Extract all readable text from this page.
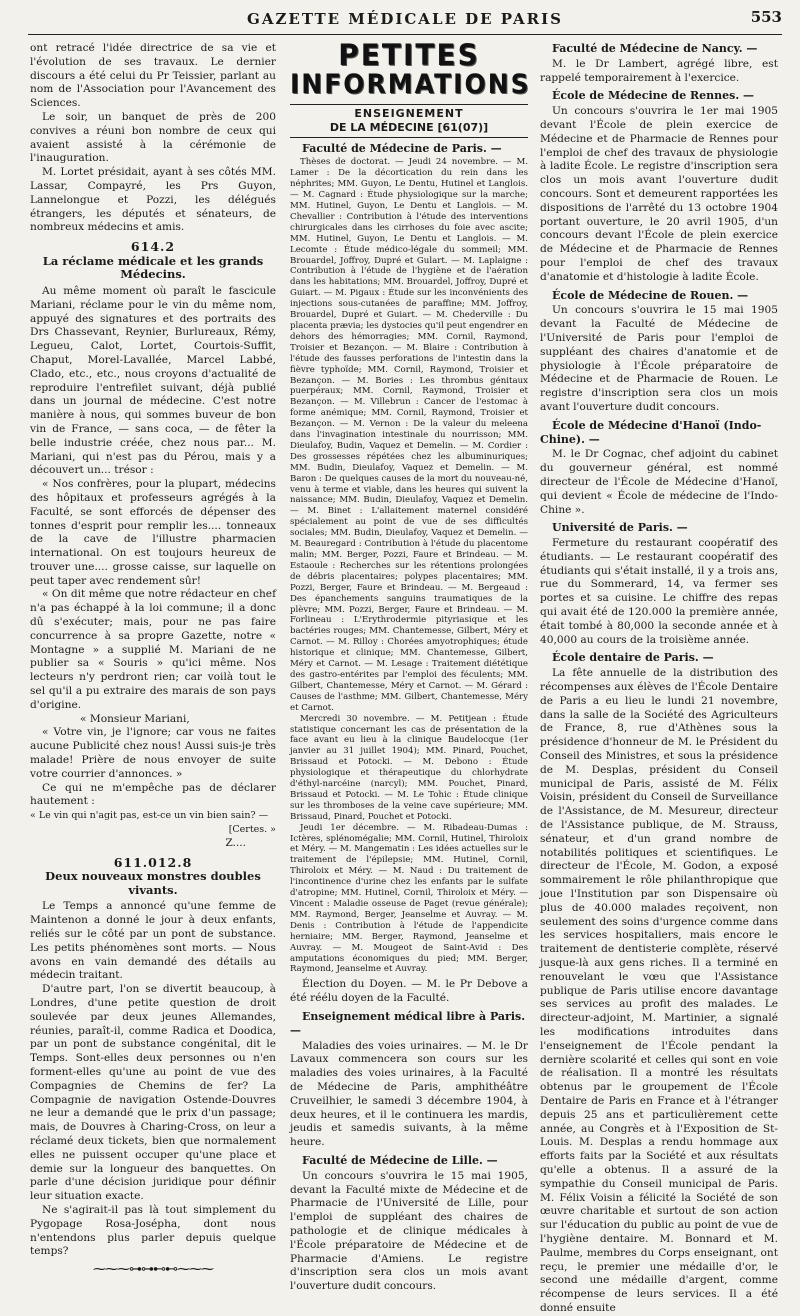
GAZETTE MÉDICALE DE PARIS	553

ont retracé l'idée directrice de sa vie et l'évolution de ses travaux. Le dernier discours a été celui du Pr Teissier, parlant au nom de l'Association pour l'Avancement des Sciences.

Le soir, un banquet de près de 200 convives a réuni bon nombre de ceux qui avaient assisté à la cérémonie de l'inauguration.

M. Lortet présidait, ayant à ses côtés MM. Lassar, Compayré, les Prs Guyon, Lannelongue et Pozzi, les délégués étrangers, les députés et sénateurs, de nombreux médecins et amis.

614.2
La réclame médicale et les grands Médecins.

Au même moment où paraît le fascicule Mariani, réclame pour le vin du même nom, appuyé des signatures et des portraits des Drs Chassevant, Reynier, Burlureaux, Rémy, Legueu, Calot, Lortet, Courtois-Suffit, Chaput, Morel-Lavallée, Marcel Labbé, Clado, etc., etc., nous croyons d'actualité de reproduire l'entrefilet suivant, déjà publié dans un journal de médecine. C'est notre manière à nous, qui sommes buveur de bon vin de France, — sans coca, — de fêter la belle industrie créée, chez nous par... M. Mariani, qui n'est pas du Pérou, mais y a découvert un... trésor :

« Nos confrères, pour la plupart, médecins des hôpitaux et professeurs agrégés à la Faculté, se sont efforcés de dépenser des tonnes d'esprit pour remplir les.... tonneaux de la cave de l'illustre pharmacien international. On est toujours heureux de trouver une.... grosse caisse, sur laquelle on peut taper avec rendement sûr!

« On dit même que notre rédacteur en chef n'a pas échappé à la loi commune; il a donc dû s'exécuter; mais, pour ne pas faire concurrence à sa propre Gazette, notre « Montagne » a supplié M. Mariani de ne publier sa « Souris » qu'ici même. Nos lecteurs n'y perdront rien; car voilà tout le sel qu'il a pu extraire des marais de son pays d'origine.

« Monsieur Mariani,

« Votre vin, je l'ignore; car vous ne faites aucune Publicité chez nous! Aussi suis-je très malade! Prière de nous envoyer de suite votre courrier d'annonces. »

Ce qui ne m'empêche pas de déclarer hautement :

« Le vin qui n'agit pas, est-ce un vin bien sain? —

[Certes. »

Z....

611.012.8
Deux nouveaux monstres doubles vivants.

Le Temps a annoncé qu'une femme de Maintenon a donné le jour à deux enfants, reliés sur le côté par un pont de substance. Les petits phénomènes sont morts. — Nous avons en vain demandé des détails au médecin traitant.

D'autre part, l'on se divertit beaucoup, à Londres, d'une petite question de droit soulevée par deux jeunes Allemandes, réunies, paraît-il, comme Radica et Doodica, par un pont de substance congénital, dit le Temps. Sont-elles deux personnes ou n'en forment-elles qu'une au point de vue des Compagnies de Chemins de fer? La Compagnie de navigation Ostende-Douvres ne leur a demandé que le prix d'un passage; mais, de Douvres à Charing-Cross, on leur a réclamé deux tickets, bien que normalement elles ne puissent occuper qu'une place et demie sur la longueur des banquettes. On parle d'une décision juridique pour définir leur situation exacte.

Ne s'agirait-il pas là tout simplement du Pygopage Rosa-Josépha, dont nous n'entendons plus parler depuis quelque temps?

⁓⁓⁓⊶⊶⊷⊷⁓⁓⁓
PETITES
INFORMATIONS
ENSEIGNEMENT
DE LA MÉDECINE [61(07)]
Faculté de Médecine de Paris. —

Thèses de doctorat. — Jeudi 24 novembre. — M. Lamer : De la décortication du rein dans les néphrites; MM. Guyon, Le Dentu, Hutinel et Langlois. — M. Cagnard : Étude physiologique sur la marche; MM. Hutinel, Guyon, Le Dentu et Langlois. — M. Chevallier : Contribution à l'étude des interventions chirurgicales dans les cirrhoses du foie avec ascite; MM. Hutinel, Guyon, Le Dentu et Langlois. — M. Lecomte : Étude médico-légale du sommeil; MM. Brouardel, Joffroy, Dupré et Gulart. — M. Laplaigne : Contribution à l'étude de l'hygiène et de l'aération dans les habitations; MM. Brouardel, Joffroy, Dupré et Guiart. — M. Pigaux : Étude sur les inconvénients des injections sous-cutanées de paraffine; MM. Joffroy, Brouardel, Dupré et Guiart. — M. Chederville : Du placenta prævia; les dystocies qu'il peut engendrer en dehors des hémorragies; MM. Cornil, Raymond, Troisier et Bezançon. — M. Blaire : Contribution à l'étude des fausses perforations de l'intestin dans la fièvre typhoïde; MM. Cornil, Raymond, Troisier et Bezançon. — M. Bories : Les thrombus génitaux puerpéraux; MM. Cornil, Raymond, Troisier et Bezançon. — M. Villebrun : Cancer de l'estomac à forme anémique; MM. Cornil, Raymond, Troisier et Bezançon. — M. Vernon : De la valeur du meleena dans l'invagination intestinale du nourrisson; MM. Dieulafoy, Budin, Vaquez et Demelin. — M. Cordier : Des grossesses répétées chez les albuminuriques; MM. Budin, Dieulafoy, Vaquez et Demelin. — M. Baron : De quelques causes de la mort du nouveau-né, venu à terme et viable, dans les heures qui suivent la naissance; MM. Budin, Dieulafoy, Vaquez et Demelin. — M. Binet : L'allaitement maternel considéré spécialement au point de vue de ses difficultés sociales; MM. Budin, Dieulafoy, Vaquez et Demelin. — M. Beauregard : Contribution à l'étude du placentome malin; MM. Berger, Pozzi, Faure et Brindeau. — M. Estaoule : Recherches sur les rétentions prolongées de débris placentaires; polypes placentaires; MM. Pozzi, Berger, Faure et Brindeau. — M. Bergeaud : Des épanchements sanguins traumatiques de la plèvre; MM. Pozzi, Berger, Faure et Brindeau. — M. Forlineau : L'Erythrodermie pityriasique et les bactéries rouges; MM. Chantemesse, Gilbert, Méry et Carnot. — M. Rilloy : Chorées amyotrophiques; étude historique et clinique; MM. Chantemesse, Gilbert, Méry et Carnot. — M. Lesage : Traitement diététique des gastro-entérites par l'emploi des féculents; MM. Gilbert, Chantemesse, Méry et Carnot. — M. Gérard : Causes de l'asthme; MM. Gilbert, Chantemesse, Méry et Carnot.

Mercredi 30 novembre. — M. Petitjean : Étude statistique concernant les cas de présentation de la face avant eu lieu à la clinique Baudelocque (1er janvier au 31 juillet 1904); MM. Pinard, Pouchet, Brissaud et Potocki. — M. Debono : Étude physiologique et thérapeutique du chlorhydrate d'éthyl-narcéine (narcyl); MM. Pouchet, Pinard, Brissaud et Potocki. — M. Le Tohic : Étude clinique sur les thromboses de la veine cave supérieure; MM. Brissaud, Pinard, Pouchet et Potocki.

Jeudi 1er décembre. — M. Ribadeau-Dumas : Ictères, splénomégalie; MM. Cornil, Hutinel, Thiroloix et Méry. — M. Mangematin : Les idées actuelles sur le traitement de l'épilepsie; MM. Hutinel, Cornil, Thiroloix et Méry. — M. Naud : Du traitement de l'incontinence d'urine chez les enfants par le sulfate d'atropine; MM. Hutinel, Cornil, Thiroloix et Méry. — Vincent : Maladie osseuse de Paget (revue générale); MM. Raymond, Berger, Jeanselme et Auvray. — M. Denis : Contribution à l'étude de l'appendicite herniaire; MM. Berger, Raymond, Jeanselme et Auvray. — M. Mougeot de Saint-Avid : Des amputations économiques du pied; MM. Berger, Raymond, Jeanselme et Auvray.

Élection du Doyen. — M. le Pr Debove a été réélu doyen de la Faculté.

Enseignement médical libre à Paris. —

Maladies des voies urinaires. — M. le Dr Lavaux commencera son cours sur les maladies des voies urinaires, à la Faculté de Médecine de Paris, amphithéâtre Cruveilhier, le samedi 3 décembre 1904, à deux heures, et il le continuera les mardis, jeudis et samedis suivants, à la même heure.

Faculté de Médecine de Lille. —

Un concours s'ouvrira le 15 mai 1905, devant la Faculté mixte de Médecine et de Pharmacie de l'Université de Lille, pour l'emploi de suppléant des chaires de pathologie et de clinique médicales à l'École préparatoire de Médecine et de Pharmacie d'Amiens. Le registre d'inscription sera clos un mois avant l'ouverture dudit concours.

Faculté de Médecine de Nancy. —

M. le Dr Lambert, agrégé libre, est rappelé temporairement à l'exercice.

École de Médecine de Rennes. —

Un concours s'ouvrira le 1er mai 1905 devant l'École de plein exercice de Médecine et de Pharmacie de Rennes pour l'emploi de chef des travaux de physiologie à ladite École. Le registre d'inscription sera clos un mois avant l'ouverture dudit concours. Sont et demeurent rapportées les dispositions de l'arrêté du 13 octobre 1904 portant ouverture, le 20 avril 1905, d'un concours devant l'École de plein exercice de Médecine et de Pharmacie de Rennes pour l'emploi de chef des travaux d'anatomie et d'histologie à ladite École.

École de Médecine de Rouen. —

Un concours s'ouvrira le 15 mai 1905 devant la Faculté de Médecine de l'Université de Paris pour l'emploi de suppléant des chaires d'anatomie et de physiologie à l'École préparatoire de Médecine et de Pharmacie de Rouen. Le registre d'inscription sera clos un mois avant l'ouverture dudit concours.

École de Médecine d'Hanoï (Indo-Chine). —

M. le Dr Cognac, chef adjoint du cabinet du gouverneur général, est nommé directeur de l'École de Médecine d'Hanoï, qui devient « École de médecine de l'Indo-Chine ».

Université de Paris. —

Fermeture du restaurant coopératif des étudiants. — Le restaurant coopératif des étudiants qui s'était installé, il y a trois ans, rue du Sommerard, 14, va fermer ses portes et sa cuisine. Le chiffre des repas qui avait été de 120.000 la première année, était tombé à 80,000 la seconde année et à 40,000 au cours de la troisième année.

École dentaire de Paris. —

La fête annuelle de la distribution des récompenses aux élèves de l'École Dentaire de Paris a eu lieu le lundi 21 novembre, dans la salle de la Société des Agriculteurs de France, 8, rue d'Athènes sous la présidence d'honneur de M. le Président du Conseil des Ministres, et sous la présidence de M. Desplas, président du Conseil municipal de Paris, assisté de M. Félix Voisin, président du Conseil de Surveillance de l'Assistance, de M. Mesureur, directeur de l'Assistance publique, de M. Strauss, sénateur, et d'un grand nombre de notabilités politiques et scientifiques. Le directeur de l'École, M. Godon, a exposé sommairement le rôle philanthropique que joue l'Institution par son Dispensaire où plus de 40.000 malades reçoivent, non seulement des soins d'urgence comme dans les services hospitaliers, mais encore le traitement de dentisterie complète, réservé jusque-là aux gens riches. Il a terminé en renouvelant le vœu que l'Assistance publique de Paris utilise encore davantage ses services au profit des malades. Le directeur-adjoint, M. Martinier, a signalé les modifications introduites dans l'enseignement de l'École pendant la dernière scolarité et celles qui sont en voie de réalisation. Il a montré les résultats obtenus par le groupement de l'École Dentaire de Paris en France et à l'étranger depuis 25 ans et particulièrement cette année, au Congrès et à l'Exposition de St-Louis. M. Desplas a rendu hommage aux efforts faits par la Société et aux résultats qu'elle a obtenus. Il a assuré de la sympathie du Conseil municipal de Paris. M. Félix Voisin a félicité la Société de son œuvre charitable et surtout de son action sur l'éducation du public au point de vue de l'hygiène dentaire. M. Bonnard et M. Paulme, membres du Corps enseignant, ont reçu, le premier une médaille d'or, le second une médaille d'argent, comme récompense de leurs services. Il a été donné ensuite
